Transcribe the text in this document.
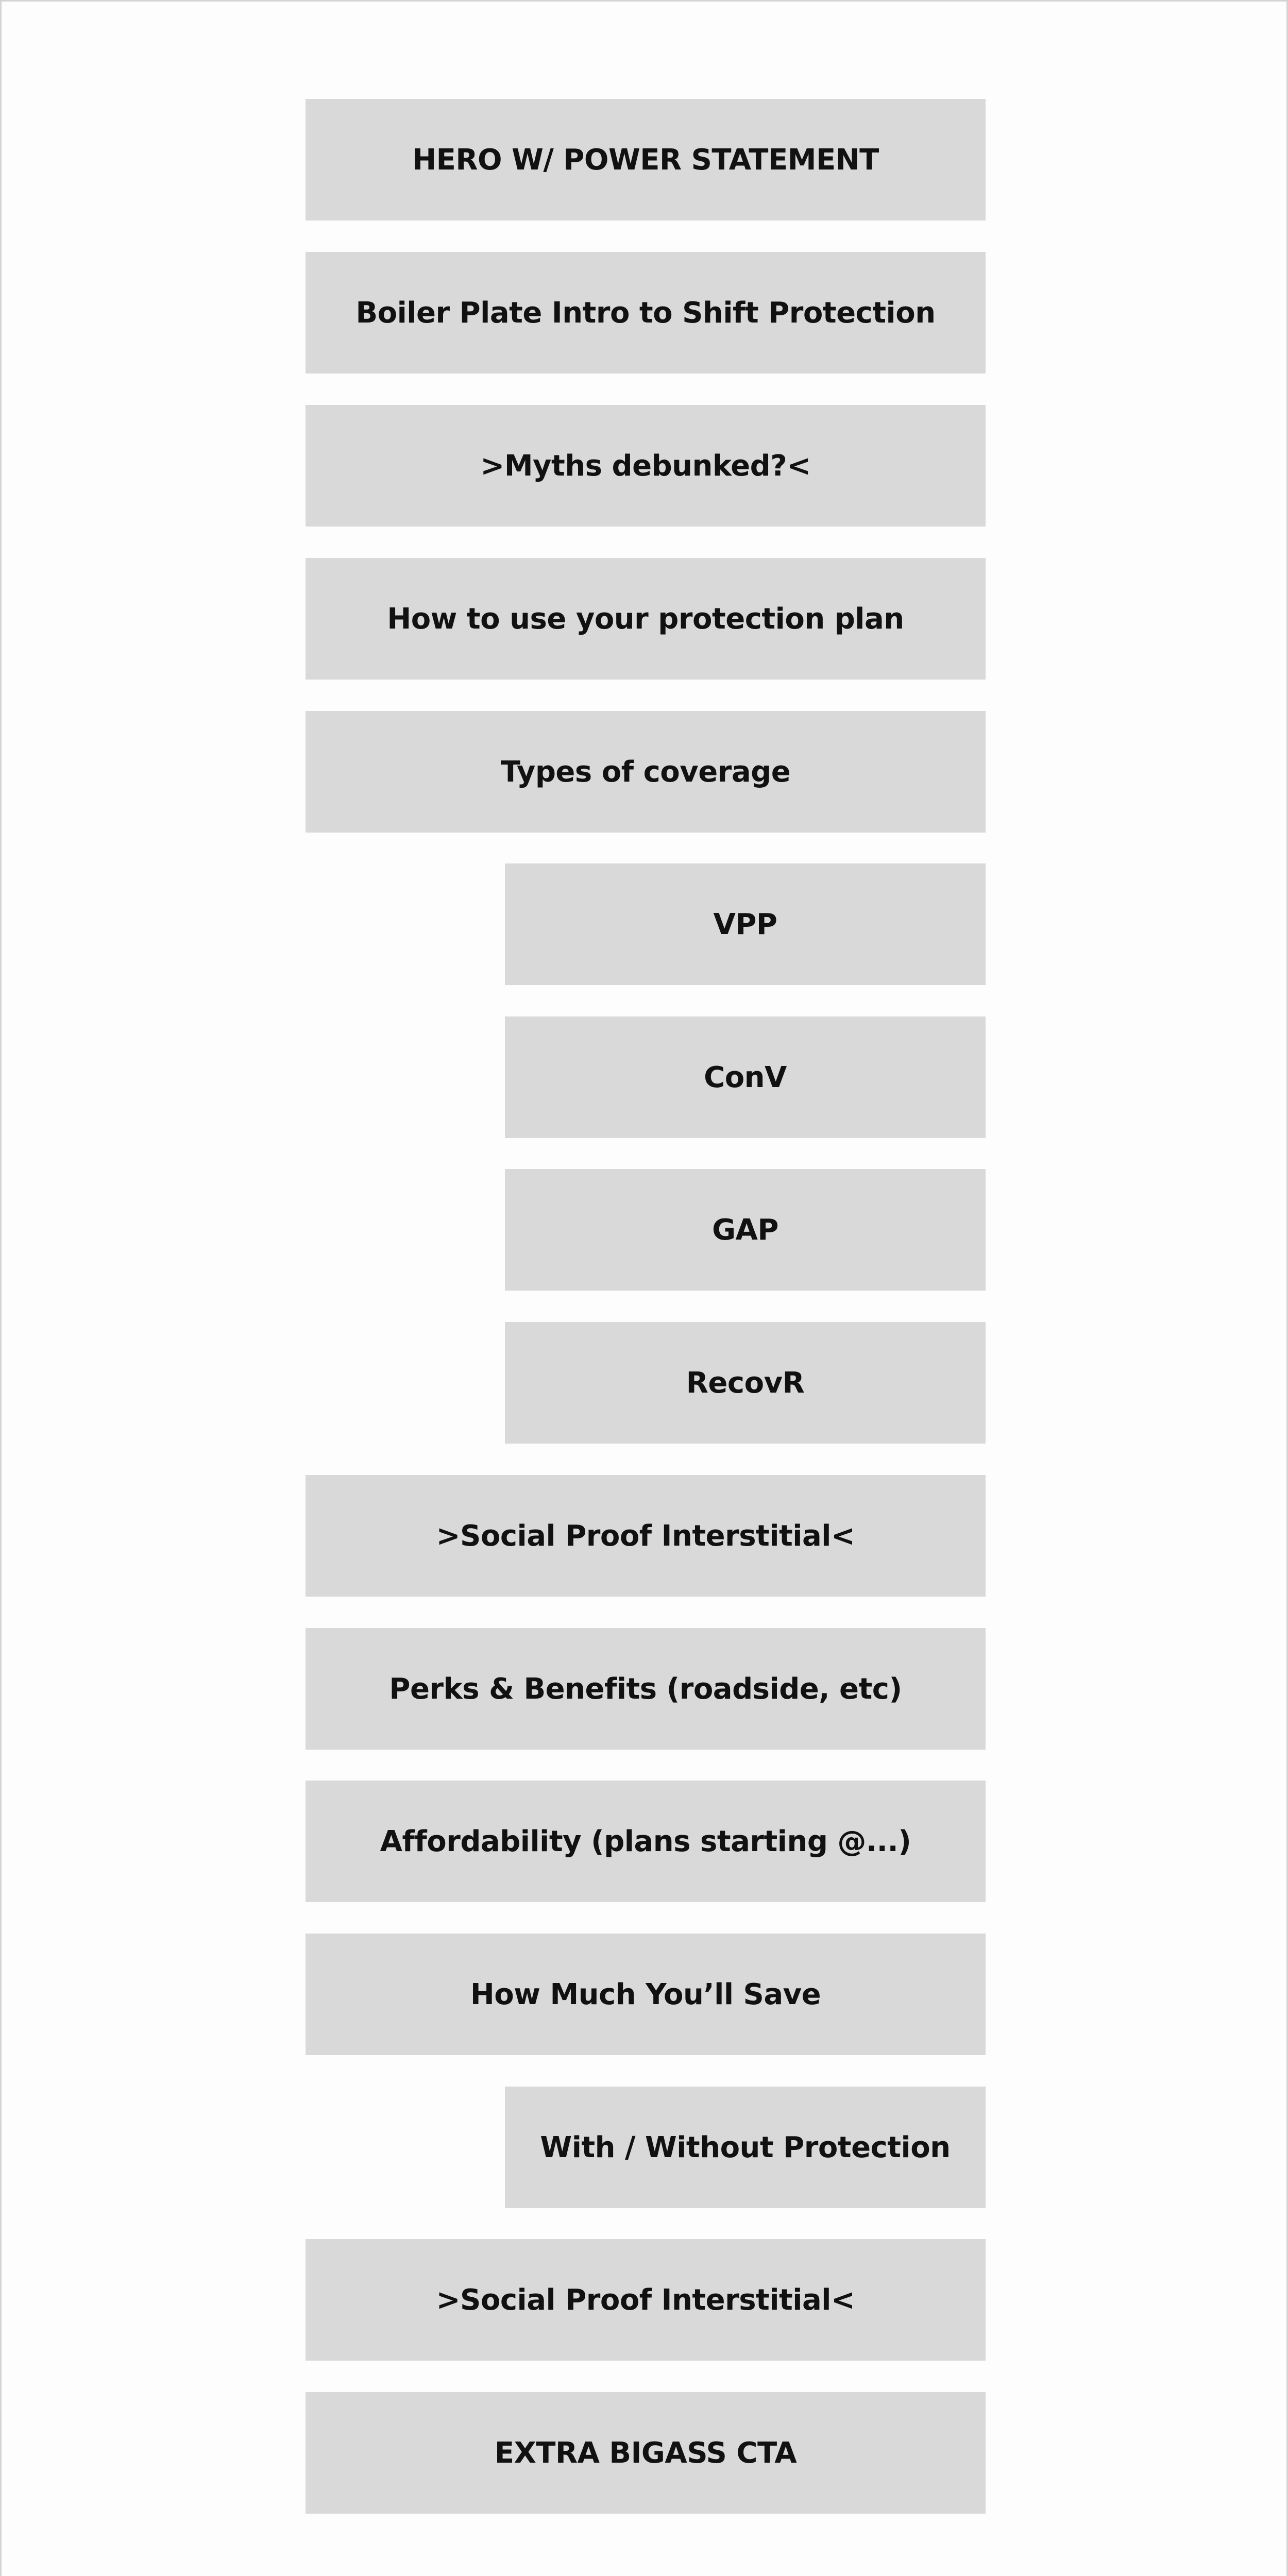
HERO W/ POWER STATEMENT
Boiler Plate Intro to Shift Protection
>Myths debunked?<
How to use your protection plan
Types of coverage
VPP
ConV
GAP
RecovR
>Social Proof Interstitial<
Perks & Benefits (roadside, etc)
Affordability (plans starting @...)
How Much You’ll Save
With / Without Protection
>Social Proof Interstitial<
EXTRA BIGASS CTA
